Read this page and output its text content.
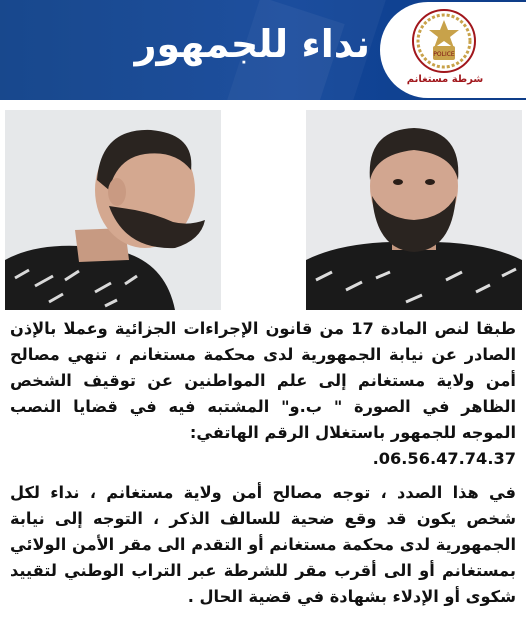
نداء للجمهور	POLICE
شرطة مستغانم
طبقا لنص المادة 17 من قانون الإجراءات الجزائية وعملا بالإذن الصادر عن نيابة الجمهورية لدى محكمة مستغانم ، تنهي مصالح أمن ولاية مستغانم إلى علم المواطنين عن توقيف الشخص الظاهر في الصورة " ب.و" المشتبه فيه في قضايا النصب الموجه للجمهور باستغلال الرقم الهاتفي:
.06.56.47.74.37
في هذا الصدد ، توجه مصالح أمن ولاية مستغانم ، نداء لكل شخص يكون قد وقع ضحية للسالف الذكر ، التوجه إلى نيابة الجمهورية لدى محكمة مستغانم أو التقدم الى مقر الأمن الولائي بمستغانم أو الى أقرب مقر للشرطة عبر التراب الوطني لتقييد شكوى أو الإدلاء بشهادة في قضية الحال .
